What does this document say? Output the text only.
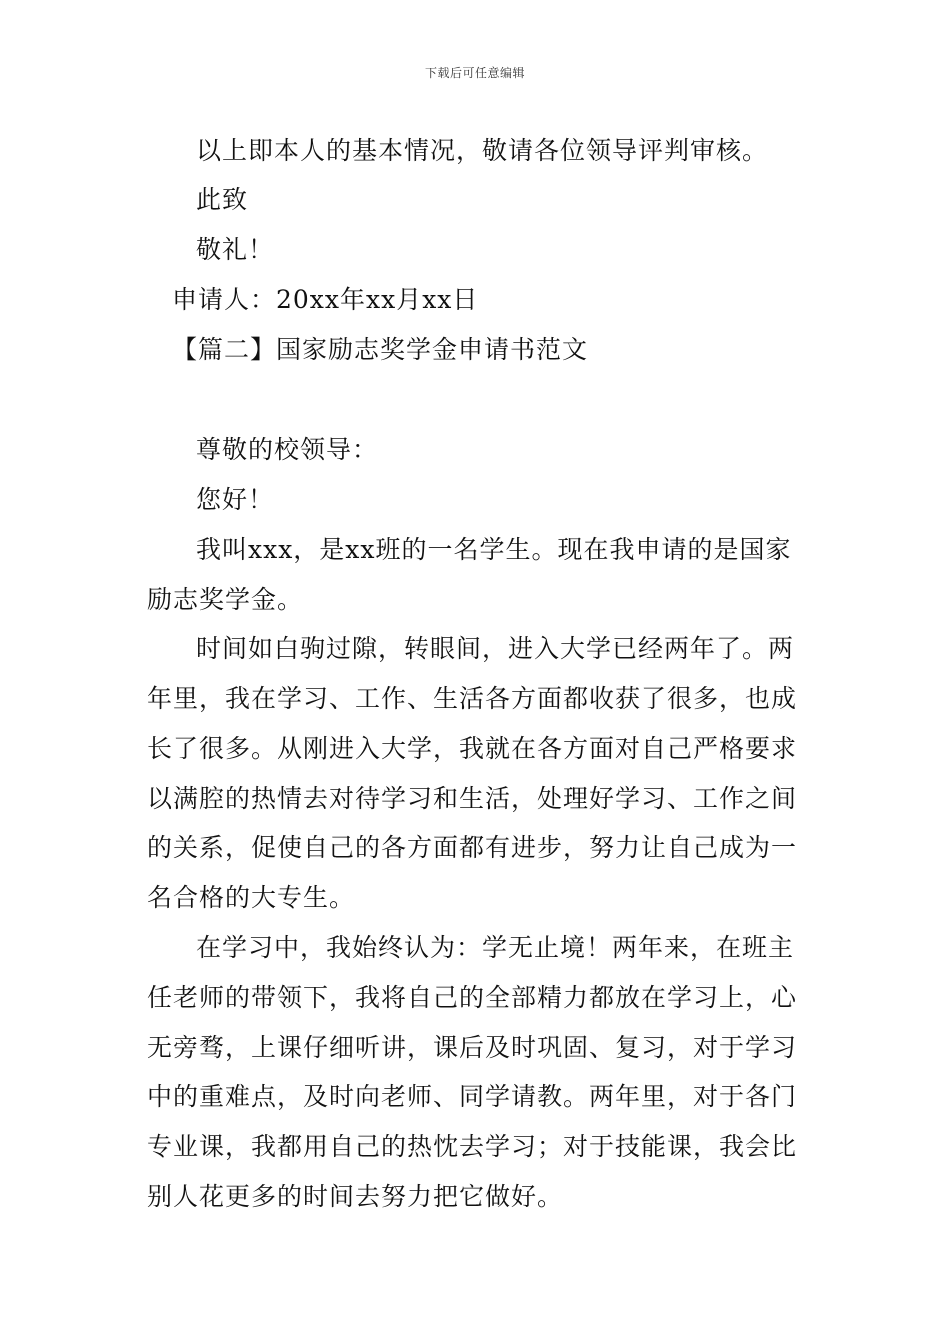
下载后可任意编辑
以上即本人的基本情况，敬请各位领导评判审核。
此致
敬礼！
申请人：20xx年xx月xx日
【篇二】国家励志奖学金申请书范文
尊敬的校领导：
您好！
我叫xxx，是xx班的一名学生。现在我申请的是国家
励志奖学金。
时间如白驹过隙，转眼间，进入大学已经两年了。两
年里，我在学习、工作、生活各方面都收获了很多，也成
长了很多。从刚进入大学，我就在各方面对自己严格要求
以满腔的热情去对待学习和生活，处理好学习、工作之间
的关系，促使自己的各方面都有进步，努力让自己成为一
名合格的大专生。
在学习中，我始终认为：学无止境！两年来，在班主
任老师的带领下，我将自己的全部精力都放在学习上，心
无旁骛，上课仔细听讲，课后及时巩固、复习，对于学习
中的重难点，及时向老师、同学请教。两年里，对于各门
专业课，我都用自己的热忱去学习；对于技能课，我会比
别人花更多的时间去努力把它做好。
